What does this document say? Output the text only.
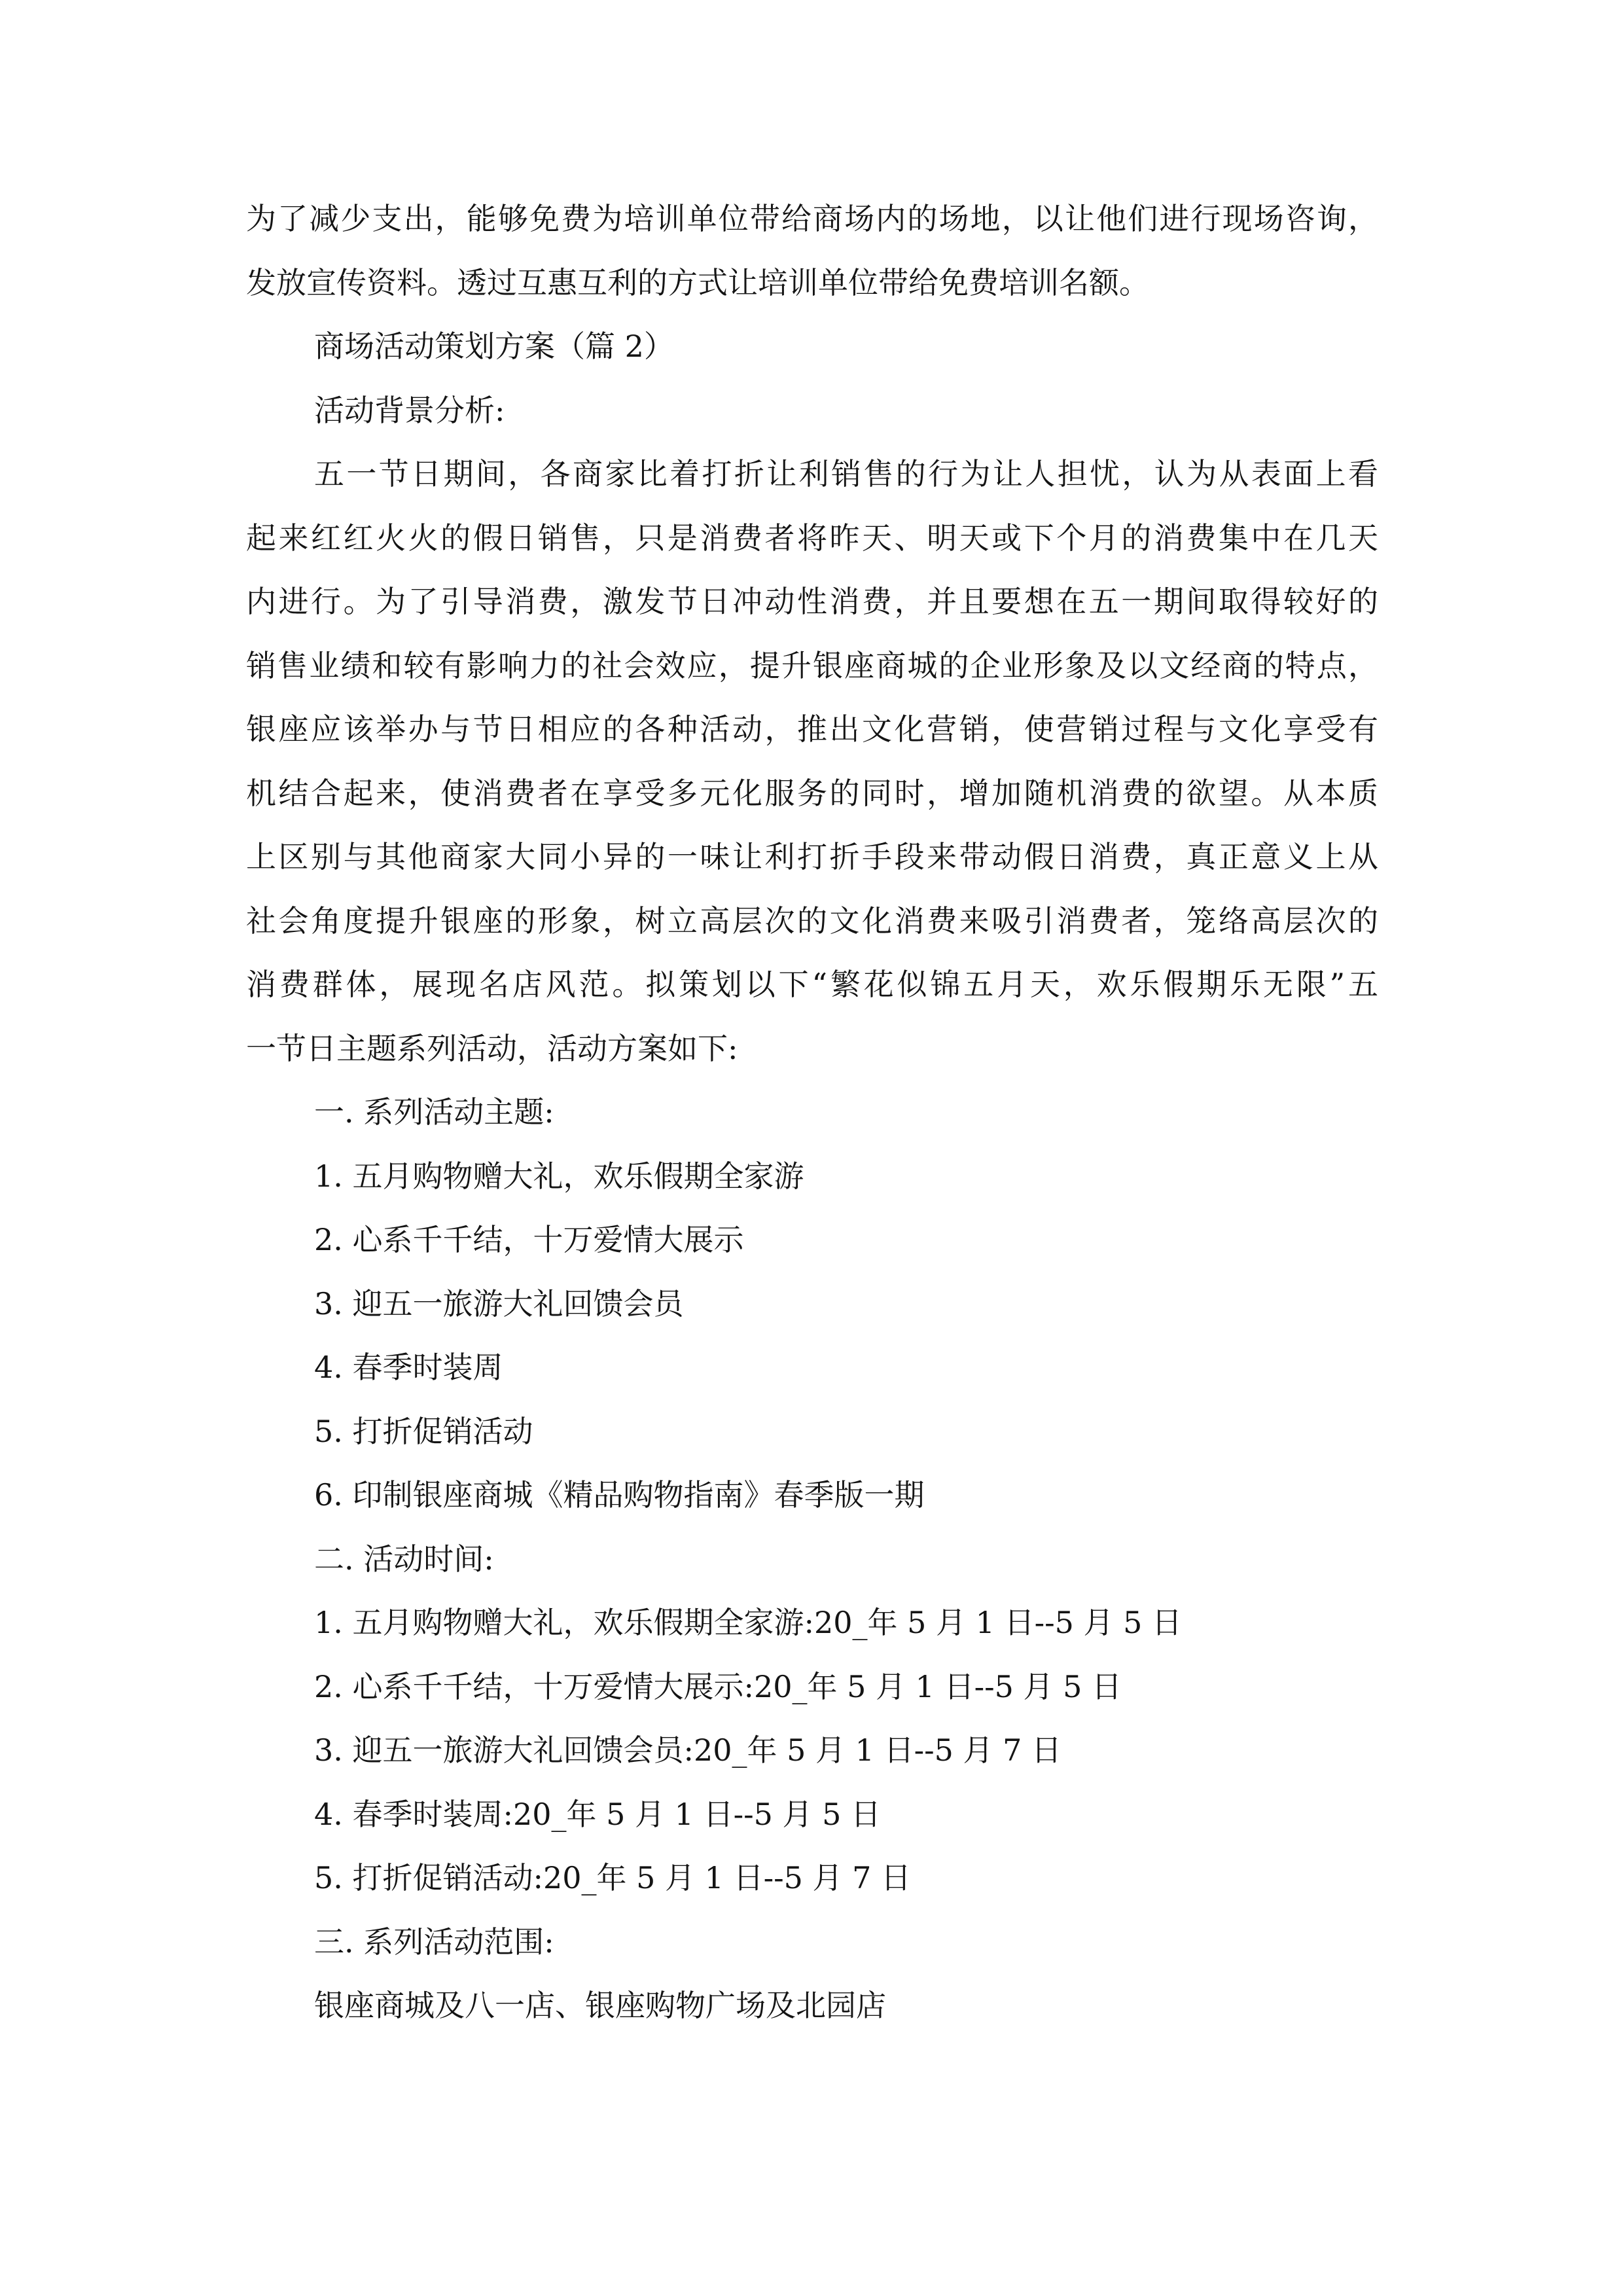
为了减少支出，能够免费为培训单位带给商场内的场地，以让他们进行现场咨询，

发放宣传资料。透过互惠互利的方式让培训单位带给免费培训名额。

商场活动策划方案（篇 2）

活动背景分析:

五一节日期间，各商家比着打折让利销售的行为让人担忧，认为从表面上看

起来红红火火的假日销售，只是消费者将昨天、明天或下个月的消费集中在几天

内进行。为了引导消费，激发节日冲动性消费，并且要想在五一期间取得较好的

销售业绩和较有影响力的社会效应，提升银座商城的企业形象及以文经商的特点，

银座应该举办与节日相应的各种活动，推出文化营销，使营销过程与文化享受有

机结合起来，使消费者在享受多元化服务的同时，增加随机消费的欲望。从本质

上区别与其他商家大同小异的一味让利打折手段来带动假日消费，真正意义上从

社会角度提升银座的形象，树立高层次的文化消费来吸引消费者，笼络高层次的

消费群体，展现名店风范。拟策划以下“繁花似锦五月天，欢乐假期乐无限”五

一节日主题系列活动，活动方案如下:

一. 系列活动主题:

1. 五月购物赠大礼，欢乐假期全家游

2. 心系千千结，十万爱情大展示

3. 迎五一旅游大礼回馈会员

4. 春季时装周

5. 打折促销活动

6. 印制银座商城《精品购物指南》春季版一期

二. 活动时间:

1. 五月购物赠大礼，欢乐假期全家游:20_年 5 月 1 日--5 月 5 日

2. 心系千千结，十万爱情大展示:20_年 5 月 1 日--5 月 5 日

3. 迎五一旅游大礼回馈会员:20_年 5 月 1 日--5 月 7 日

4. 春季时装周:20_年 5 月 1 日--5 月 5 日

5. 打折促销活动:20_年 5 月 1 日--5 月 7 日

三. 系列活动范围:

银座商城及八一店、银座购物广场及北园店
